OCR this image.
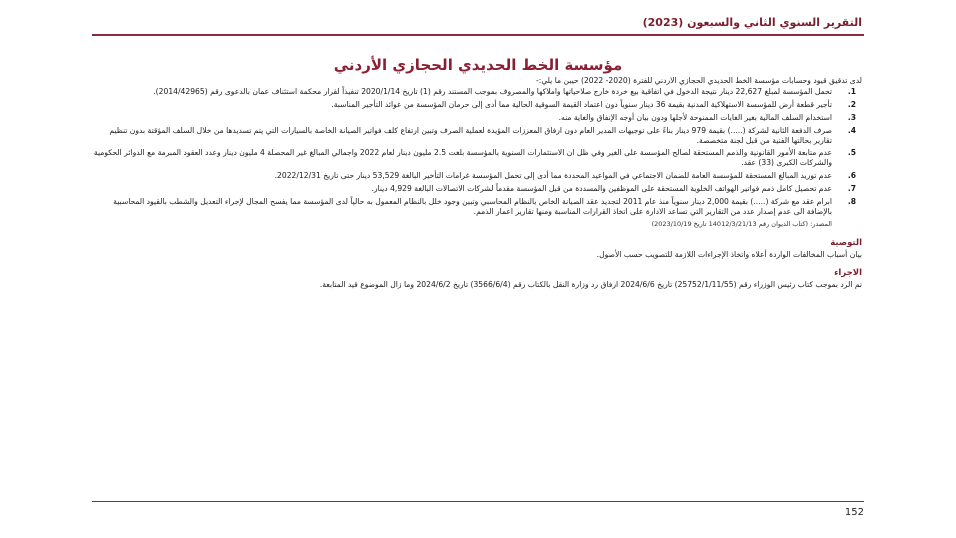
التقرير السنوي الثاني والسبعون (2023)
مؤسسة الخط الحديدي الحجازي الأردني

لدى تدقيق قيود وحسابات مؤسسة الخط الحديدي الحجازي الاردني للفترة (2020- 2022) حيبن ما يلي:-

.1
تحمل المؤسسة لمبلغ 22,627 دينار نتيجة الدخول في اتفاقية بيع خردة خارج صلاحياتها واملاكها والمصروف بموجب المستند رقم (1) تاريخ 2020/1/14 تنفيذاً لقرار محكمة استئناف عمان بالدعوى رقم (2014/42965).
.2
تأجير قطعة أرض للمؤسسة الاستهلاكية المدنية بقيمة 36 دينار سنوياً دون اعتماد القيمة السوقية الحالية مما أدى إلى حرمان المؤسسة من عوائد التأجير المناسبة.
.3
استخدام السلف المالية بغير الغايات الممنوحة لأجلها ودون بيان أوجه الإنفاق والغاية منه.
.4
صرف الدفعة الثانية لشركة (.....) بقيمة 979 دينار بناءً على توجيهات المدير العام دون ارفاق المعززات المؤيدة لعملية الصرف وتبين ارتفاع كلف فواتير الصيانة الخاصة بالسيارات التي يتم تسديدها من خلال السلف المؤقتة بدون تنظيم تقارير بحالتها الفنية من قبل لجنة متخصصة.
.5
عدم متابعة الأمور القانونية والذمم المستحقة لصالح المؤسسة على الغير وفي ظل ان الاستثمارات السنوية بالمؤسسة بلغت 2.5 مليون دينار لعام 2022 واجمالي المبالغ غير المحصلة 4 مليون دينار وعدد العقود المبرمة مع الدوائر الحكومية والشركات الكبرى (33) عقد.
.6
عدم توريد المبالغ المستحقة للمؤسسة العامة للضمان الاجتماعي في المواعيد المحددة مما أدى إلى تحمل المؤسسة غرامات التأخير البالغة 53,529 دينار حتى تاريخ 2022/12/31.
.7
عدم تحصيل كامل ذمم فواتير الهواتف الخلوية المستحقة على الموظفين والمسددة من قبل المؤسسة مقدماً لشركات الاتصالات البالغة 4,929 دينار.
.8
ابرام عقد مع شركة (.....) بقيمة 2,000 دينار سنوياً منذ عام 2011 لتجديد عقد الصيانة الخاص بالنظام المحاسبي وتبين وجود خلل بالنظام المعمول به حالياً لدى المؤسسة مما يفسح المجال لإجراء التعديل والشطب بالقيود المحاسبية بالإضافة الى عدم إصدار عدد من التقارير التي تساعد الادارة على اتخاذ القرارات المناسبة ومنها تقارير اعمار الذمم.
المصدر: (كتاب الديوان رقم 14012/3/21/13 تاريخ 2023/10/19)
التوصية

بيان أسباب المخالفات الواردة أعلاه واتخاذ الإجراءات اللازمة للتصويب حسب الأصول.

الاجراء

تم الرد بموجب كتاب رئيس الوزراء رقم (25752/1/11/55) تاريخ 2024/6/6 ارفاق رد وزارة النقل بالكتاب رقم (3566/6/4) تاريخ 2024/6/2 وما زال الموضوع قيد المتابعة.

152
